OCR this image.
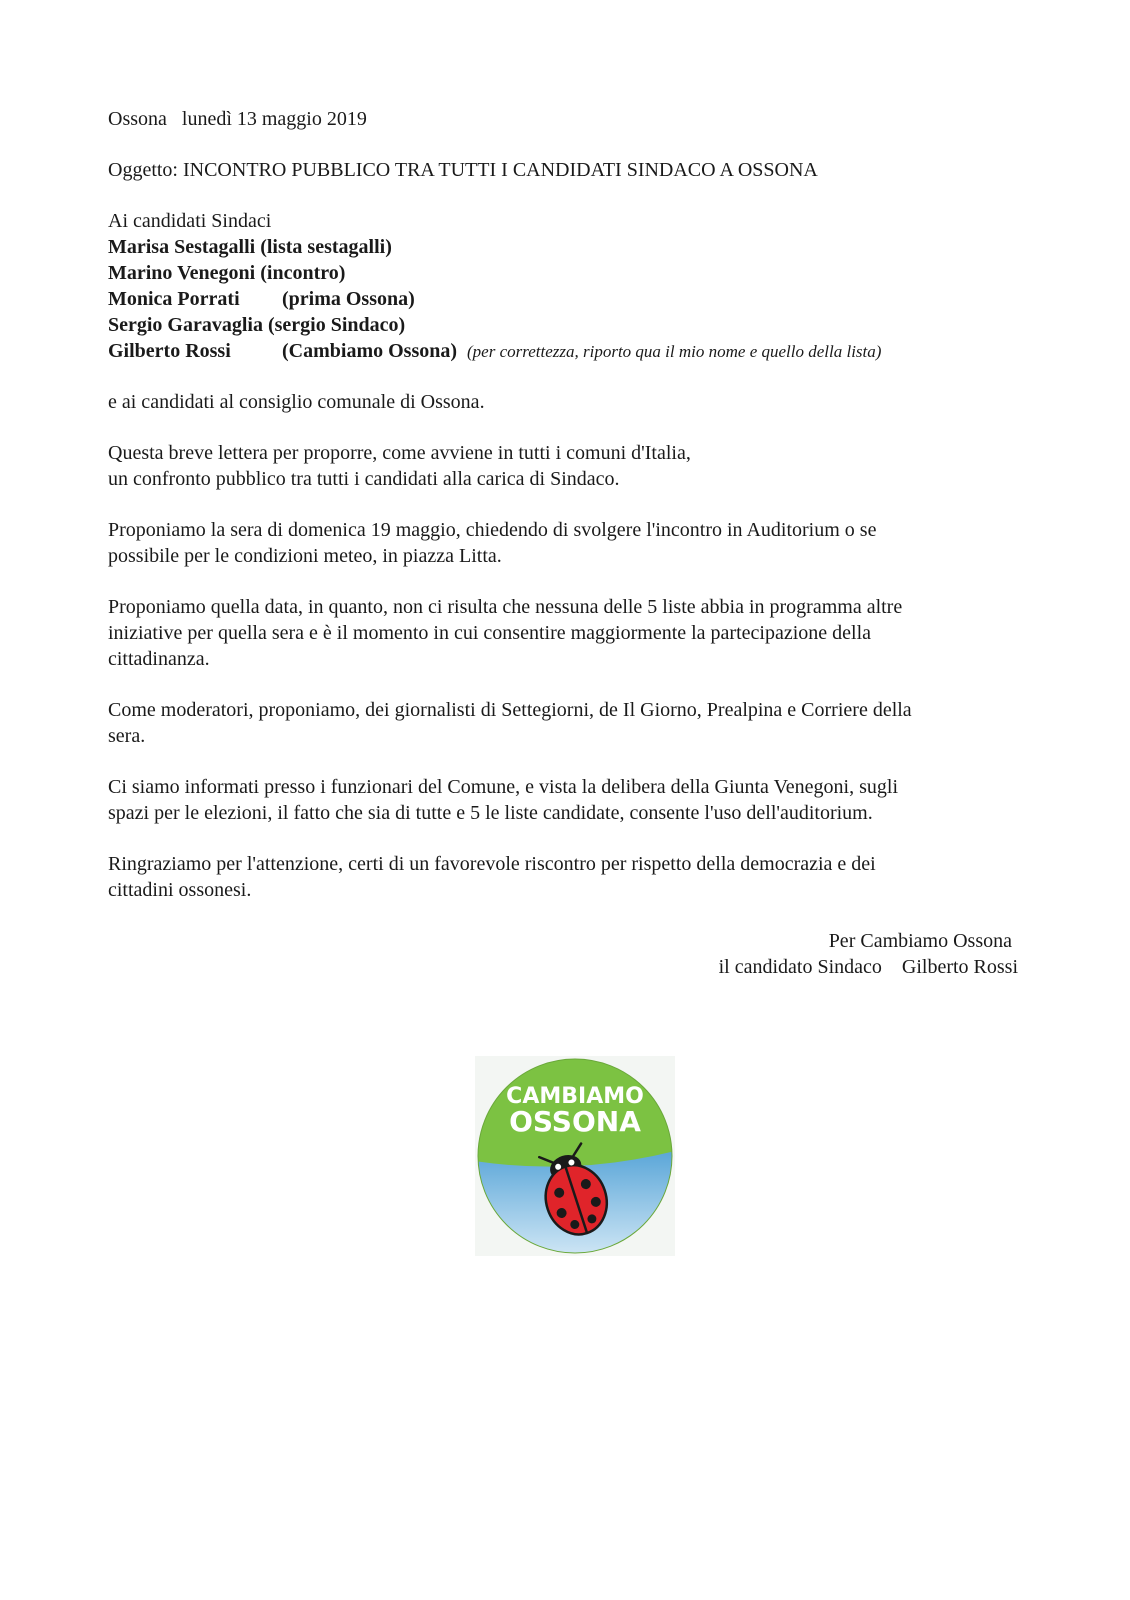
Ossona   lunedì 13 maggio 2019

Oggetto: INCONTRO PUBBLICO TRA TUTTI I CANDIDATI SINDACO A OSSONA

Ai candidati Sindaci
Marisa Sestagalli (lista sestagalli)
Marino Venegoni (incontro)
Monica Porrati (prima Ossona)
Sergio Garavaglia (sergio Sindaco)
Gilberto Rossi	(Cambiamo Ossona) (per correttezza, riporto qua il mio nome e quello della lista)

e ai candidati al consiglio comunale di Ossona.

Questa breve lettera per proporre, come avviene in tutti i comuni d'Italia,
un confronto pubblico tra tutti i candidati alla carica di Sindaco.

Proponiamo la sera di domenica 19 maggio, chiedendo di svolgere l'incontro in Auditorium o se
possibile per le condizioni meteo, in piazza Litta.

Proponiamo quella data, in quanto, non ci risulta che nessuna delle 5 liste abbia in programma altre
iniziative per quella sera e è il momento in cui consentire maggiormente la partecipazione della
cittadinanza.

Come moderatori, proponiamo, dei giornalisti di Settegiorni, de Il Giorno, Prealpina e Corriere della
sera.

Ci siamo informati presso i funzionari del Comune, e vista la delibera della Giunta Venegoni, sugli
spazi per le elezioni, il fatto che sia di tutte e 5 le liste candidate, consente l'uso dell'auditorium.

Ringraziamo per l'attenzione, certi di un favorevole riscontro per rispetto della democrazia e dei
cittadini ossonesi.

Per Cambiamo Ossona
il candidato Sindaco    Gilberto Rossi
CAMBIAMO
OSSONA
